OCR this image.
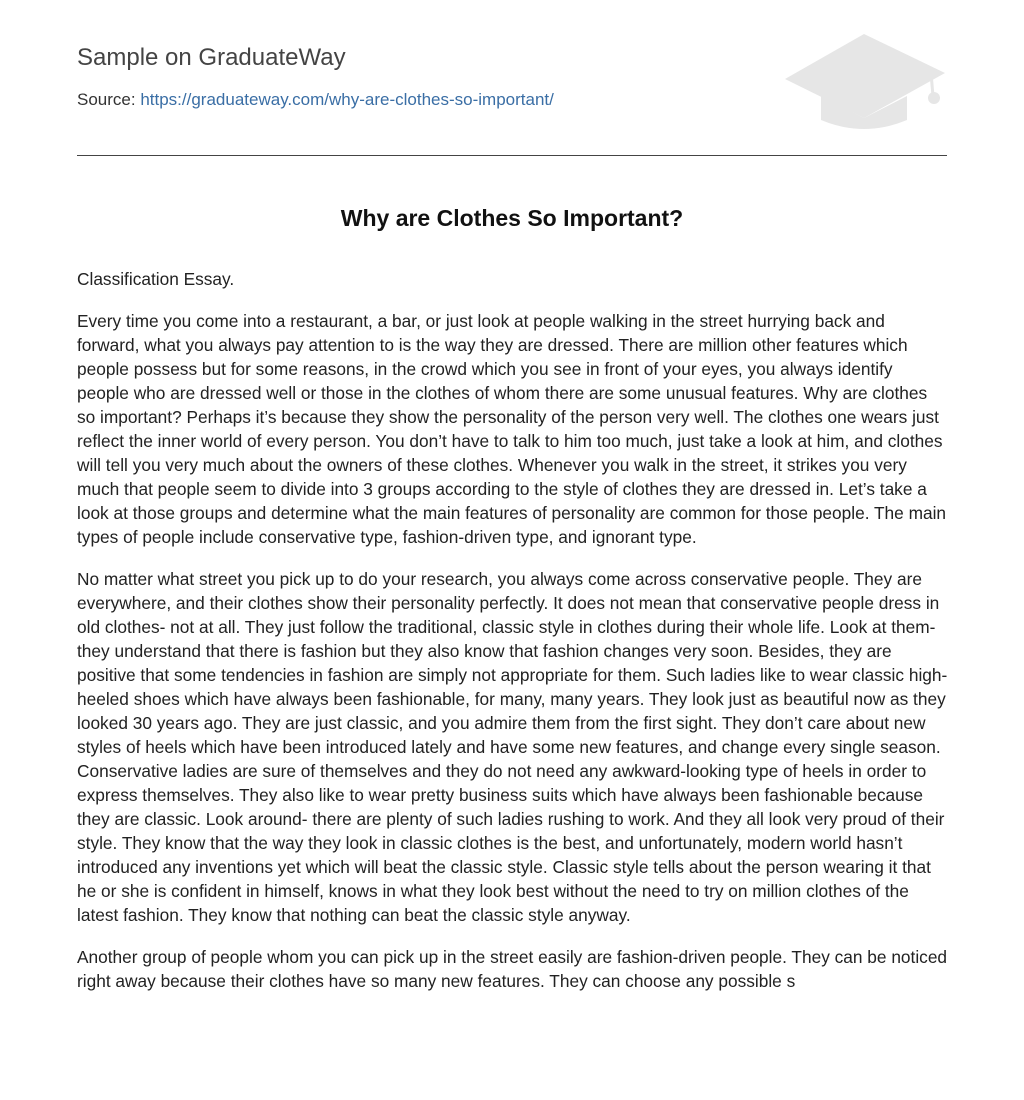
Sample on GraduateWay
Source: https://graduateway.com/why-are-clothes-so-important/
Why are Clothes So Important?

Classification Essay.

Every time you come into a restaurant, a bar, or just look at people walking in the street hurrying back and forward, what you always pay attention to is the way they are dressed. There are million other features which people possess but for some reasons, in the crowd which you see in front of your eyes, you always identify people who are dressed well or those in the clothes of whom there are some unusual features. Why are clothes so important? Perhaps it’s because they show the personality of the person very well. The clothes one wears just reflect the inner world of every person. You don’t have to talk to him too much, just take a look at him, and clothes will tell you very much about the owners of these clothes. Whenever you walk in the street, it strikes you very much that people seem to divide into 3 groups according to the style of clothes they are dressed in. Let’s take a look at those groups and determine what the main features of personality are common for those people. The main types of people include conservative type, fashion-driven type, and ignorant type.

No matter what street you pick up to do your research, you always come across conservative people. They are everywhere, and their clothes show their personality perfectly. It does not mean that conservative people dress in old clothes- not at all. They just follow the traditional, classic style in clothes during their whole life. Look at them- they understand that there is fashion but they also know that fashion changes very soon. Besides, they are positive that some tendencies in fashion are simply not appropriate for them. Such ladies like to wear classic high-heeled shoes which have always been fashionable, for many, many years. They look just as beautiful now as they looked 30 years ago. They are just classic, and you admire them from the first sight. They don’t care about new styles of heels which have been introduced lately and have some new features, and change every single season. Conservative ladies are sure of themselves and they do not need any awkward-looking type of heels in order to express themselves. They also like to wear pretty business suits which have always been fashionable because they are classic. Look around- there are plenty of such ladies rushing to work. And they all look very proud of their style. They know that the way they look in classic clothes is the best, and unfortunately, modern world hasn’t introduced any inventions yet which will beat the classic style. Classic style tells about the person wearing it that he or she is confident in himself, knows in what they look best without the need to try on million clothes of the latest fashion. They know that nothing can beat the classic style anyway.

Another group of people whom you can pick up in the street easily are fashion-driven people. They can be noticed right away because their clothes have so many new features. They can choose any possible s
